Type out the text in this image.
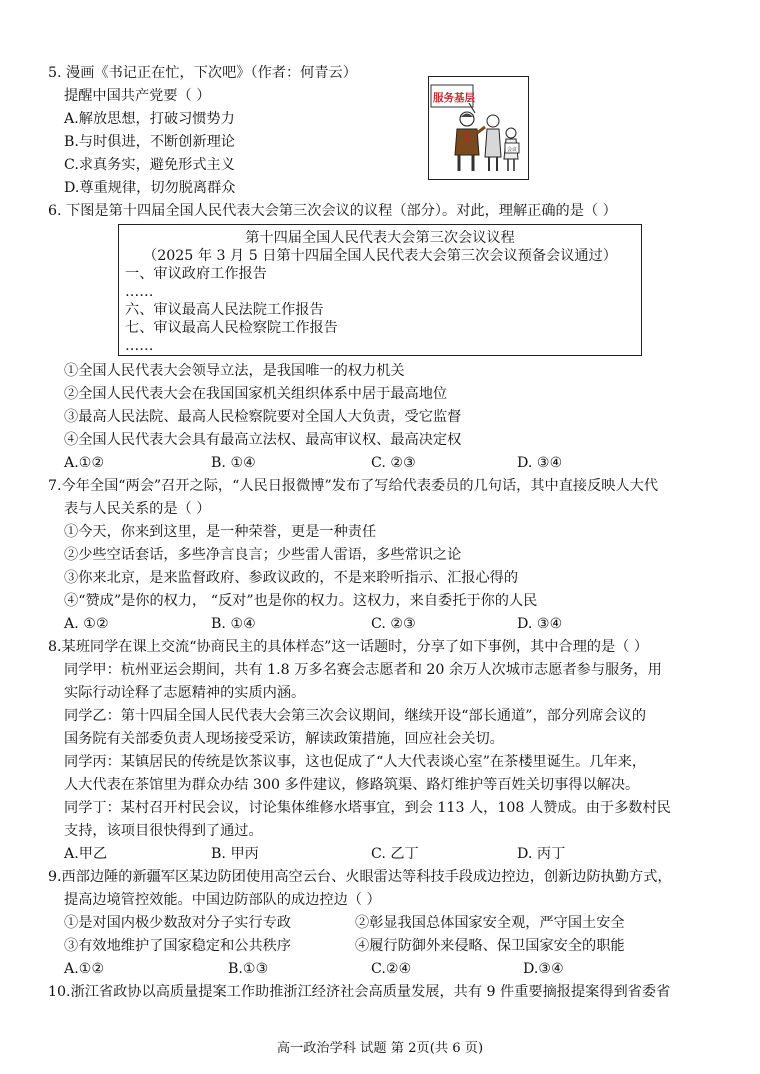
5. 漫画《书记正在忙，下次吧》（作者：何青云）
提醒中国共产党要（ ）
A.解放思想，打破习惯势力
B.与时俱进，不断创新理论
C.求真务实，避免形式主义
D.尊重规律，切勿脱离群众
服务基层
会议
6. 下图是第十四届全国人民代表大会第三次会议的议程（部分）。对此，理解正确的是（ ）
第十四届全国人民代表大会第三次会议议程
（2025 年 3 月 5 日第十四届全国人民代表大会第三次会议预备会议通过）
一、审议政府工作报告
……
六、审议最高人民法院工作报告
七、审议最高人民检察院工作报告
……
①全国人民代表大会领导立法，是我国唯一的权力机关
②全国人民代表大会在我国国家机关组织体系中居于最高地位
③最高人民法院、最高人民检察院要对全国人大负责，受它监督
④全国人民代表大会具有最高立法权、最高审议权、最高决定权
A.①②	B. ①④	C. ②③	D. ③④
7.今年全国“两会”召开之际，“人民日报微博”发布了写给代表委员的几句话，其中直接反映人大代
表与人民关系的是（ ）
①今天，你来到这里，是一种荣誉，更是一种责任
②少些空话套话，多些净言良言；少些雷人雷语，多些常识之论
③你来北京，是来监督政府、参政议政的，不是来聆听指示、汇报心得的
④“赞成”是你的权力， “反对”也是你的权力。这权力，来自委托于你的人民
A. ①②	B. ①④	C. ②③	D. ③④
8.某班同学在课上交流“协商民主的具体样态”这一话题时，分享了如下事例，其中合理的是（ ）
同学甲：杭州亚运会期间，共有 1.8 万多名赛会志愿者和 20 余万人次城市志愿者参与服务，用
实际行动诠释了志愿精神的实质内涵。
同学乙：第十四届全国人民代表大会第三次会议期间，继续开设“部长通道”，部分列席会议的
国务院有关部委负责人现场接受采访，解读政策措施，回应社会关切。
同学丙：某镇居民的传统是饮茶议事，这也促成了“人大代表谈心室”在茶楼里诞生。几年来，
人大代表在茶馆里为群众办结 300 多件建议，修路筑渠、路灯维护等百姓关切事得以解决。
同学丁：某村召开村民会议，讨论集体维修水塔事宜，到会 113 人，108 人赞成。由于多数村民
支持，该项目很快得到了通过。
A.甲乙	B. 甲丙	C. 乙丁	D. 丙丁
9.西部边陲的新疆军区某边防团使用高空云台、火眼雷达等科技手段成边控边，创新边防执勤方式，
提高边境管控效能。中国边防部队的成边控边（ ）
①是对国内极少数敌对分子实行专政	②彰显我国总体国家安全观，严守国土安全
③有效地维护了国家稳定和公共秩序	④履行防御外来侵略、保卫国家安全的职能
A.①②	B.①③	C.②④	D.③④
10.浙江省政协以高质量提案工作助推浙江经济社会高质量发展，共有 9 件重要摘报提案得到省委省
高一政治学科 试题 第 2页(共 6 页)
